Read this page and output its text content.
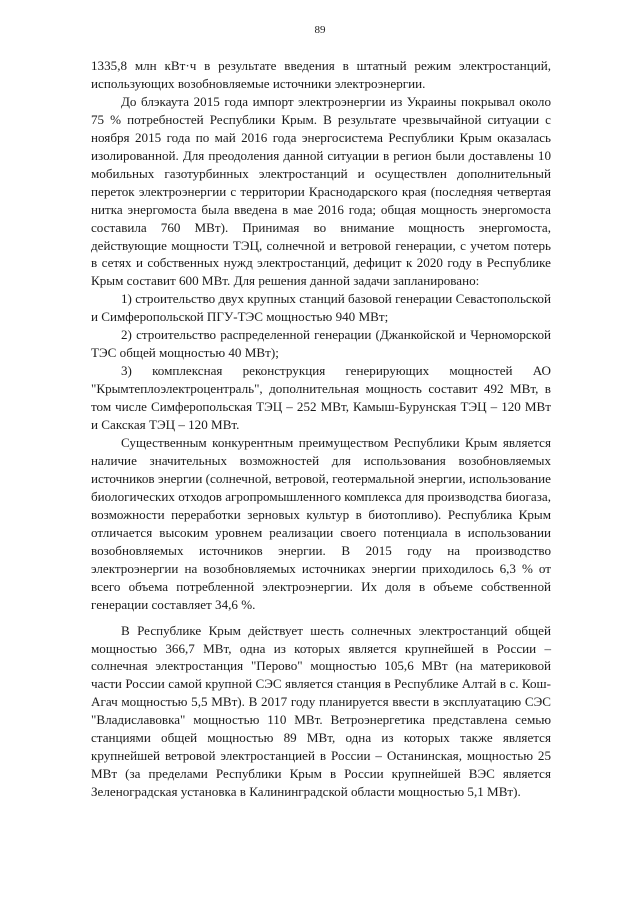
89

1335,8 млн кВт·ч в результате введения в штатный режим электростанций, использующих возобновляемые источники электроэнергии.

До блэкаута 2015 года импорт электроэнергии из Украины покрывал около 75 % потребностей Республики Крым. В результате чрезвычайной ситуации с ноября 2015 года по май 2016 года энергосистема Республики Крым оказалась изолированной. Для преодоления данной ситуации в регион были доставлены 10 мобильных газотурбинных электростанций и осуществлен дополнительный переток электроэнергии с территории Краснодарского края (последняя четвертая нитка энергомоста была введена в мае 2016 года; общая мощность энергомоста составила 760 МВт). Принимая во внимание мощность энергомоста, действующие мощности ТЭЦ, солнечной и ветровой генерации, с учетом потерь в сетях и собственных нужд электростанций, дефицит к 2020 году в Республике Крым составит 600 МВт. Для решения данной задачи запланировано:

1) строительство двух крупных станций базовой генерации Севастопольской и Симферопольской ПГУ-ТЭС мощностью 940 МВт;

2) строительство распределенной генерации (Джанкойской и Черноморской ТЭС общей мощностью 40 МВт);

3) комплексная реконструкция генерирующих мощностей АО "Крымтеплоэлектроцентраль", дополнительная мощность составит 492 МВт, в том числе Симферопольская ТЭЦ – 252 МВт, Камыш-Бурунская ТЭЦ – 120 МВт и Сакская ТЭЦ – 120 МВт.

Существенным конкурентным преимуществом Республики Крым является наличие значительных возможностей для использования возобновляемых источников энергии (солнечной, ветровой, геотермальной энергии, использование биологических отходов агропромышленного комплекса для производства биогаза, возможности переработки зерновых культур в биотопливо). Республика Крым отличается высоким уровнем реализации своего потенциала в использовании возобновляемых источников энергии. В 2015 году на производство электроэнергии на возобновляемых источниках энергии приходилось 6,3 % от всего объема потребленной электроэнергии. Их доля в объеме собственной генерации составляет 34,6 %.

В Республике Крым действует шесть солнечных электростанций общей мощностью 366,7 МВт, одна из которых является крупнейшей в России – солнечная электростанция "Перово" мощностью 105,6 МВт (на материковой части России самой крупной СЭС является станция в Республике Алтай в с. Кош-Агач мощностью 5,5 МВт). В 2017 году планируется ввести в эксплуатацию СЭС "Владиславовка" мощностью 110 МВт. Ветроэнергетика представлена семью станциями общей мощностью 89 МВт, одна из которых также является крупнейшей ветровой электростанцией в России – Останинская, мощностью 25 МВт (за пределами Республики Крым в России крупнейшей ВЭС является Зеленоградская установка в Калининградской области мощностью 5,1 МВт).
